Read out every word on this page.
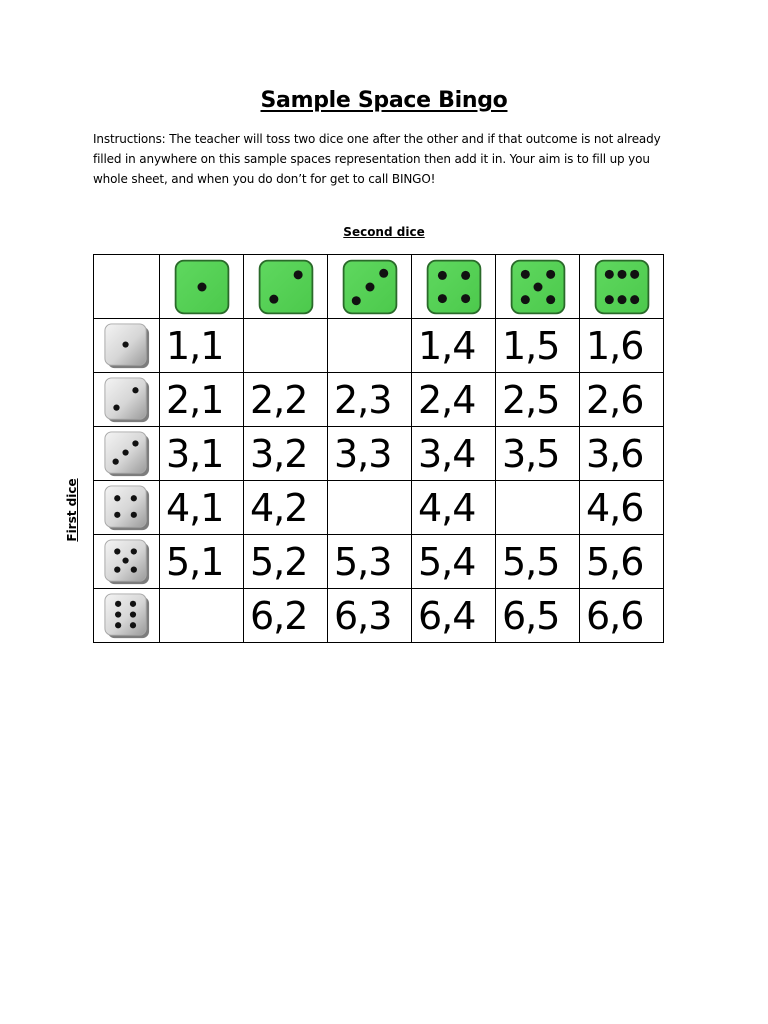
Sample Space Bingo

Instructions: The teacher will toss two dice one after the other and if that outcome is not already filled in anywhere on this sample spaces representation then add it in. Your aim is to fill up you whole sheet, and when you do don’t for get to call BINGO!

Second dice
First dice

	1,1			1,4	1,5	1,6

	2,1	2,2	2,3	2,4	2,5	2,6

	3,1	3,2	3,3	3,4	3,5	3,6

	4,1	4,2		4,4		4,6

	5,1	5,2	5,3	5,4	5,5	5,6

		6,2	6,3	6,4	6,5	6,6
